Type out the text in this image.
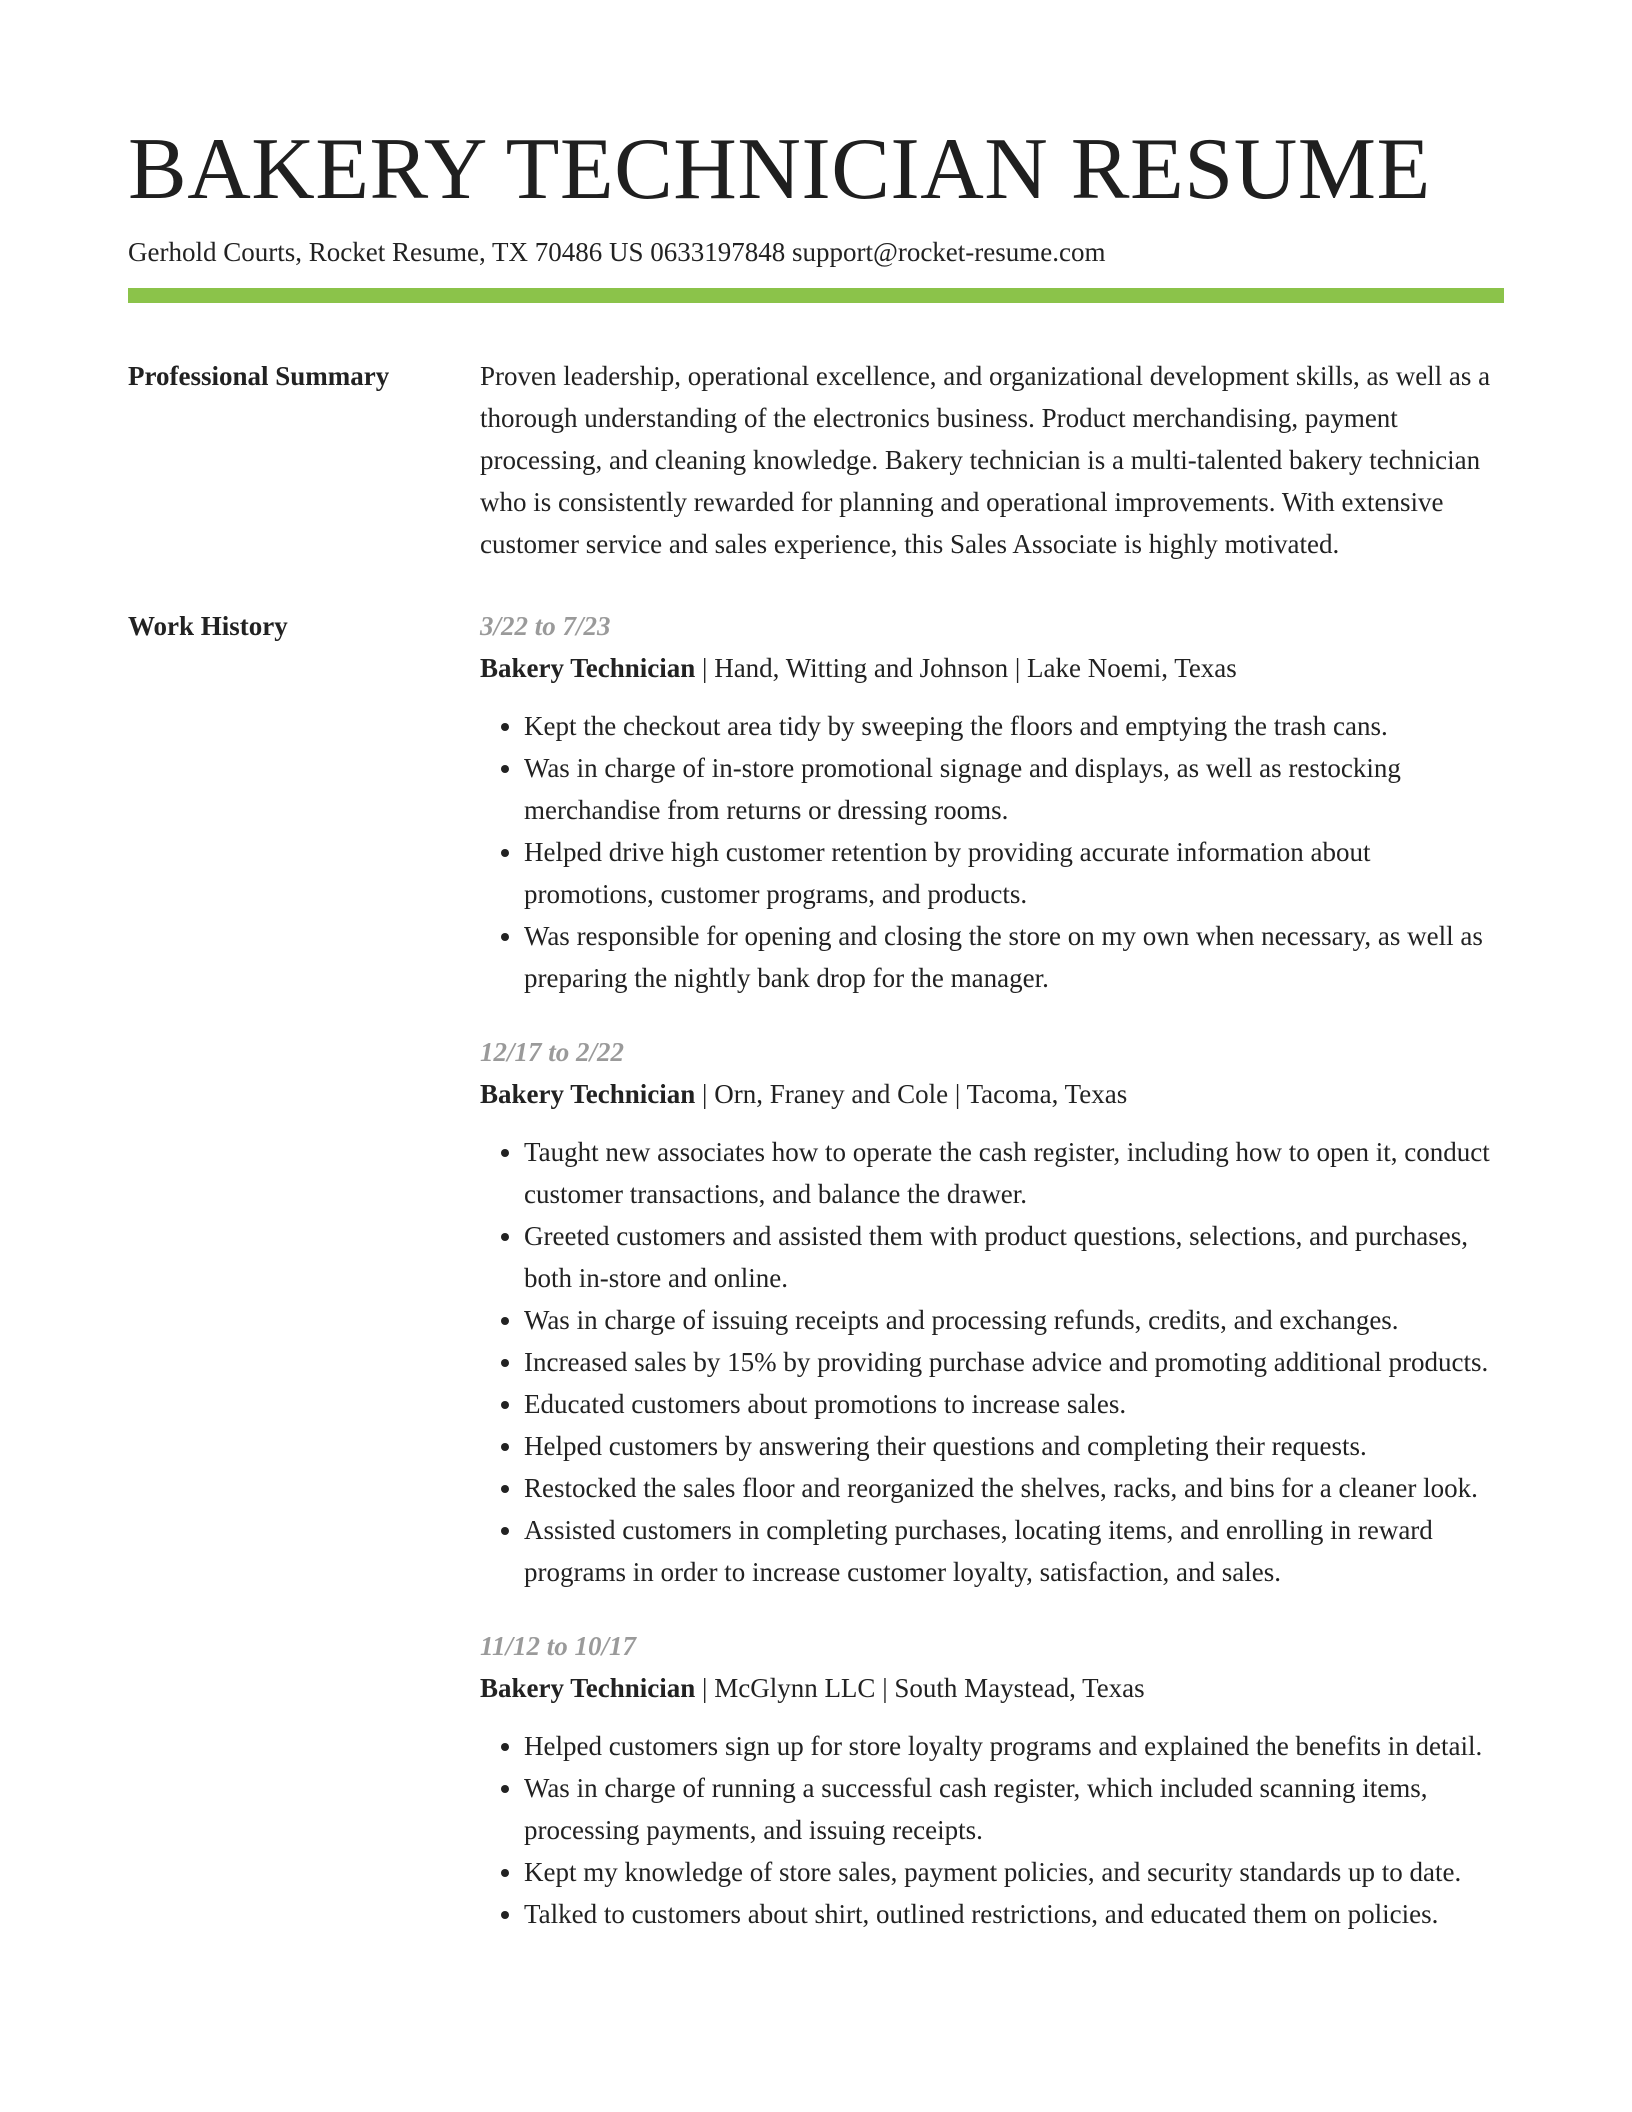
BAKERY TECHNICIAN RESUME
Gerhold Courts, Rocket Resume, TX 70486 US 0633197848 support@rocket-resume.com
Professional Summary	Proven leadership, operational excellence, and organizational development skills, as well as a thorough understanding of the electronics business. Product merchandising, payment processing, and cleaning knowledge. Bakery technician is a multi-talented bakery technician who is consistently rewarded for planning and operational improvements. With extensive customer service and sales experience, this Sales Associate is highly motivated.

Work History	3/22 to 7/23
Bakery Technician | Hand, Witting and Johnson | Lake Noemi, Texas
• Kept the checkout area tidy by sweeping the floors and emptying the trash cans.
• Was in charge of in-store promotional signage and displays, as well as restocking merchandise from returns or dressing rooms.
• Helped drive high customer retention by providing accurate information about promotions, customer programs, and products.
• Was responsible for opening and closing the store on my own when necessary, as well as preparing the nightly bank drop for the manager.
12/17 to 2/22
Bakery Technician | Orn, Franey and Cole | Tacoma, Texas
• Taught new associates how to operate the cash register, including how to open it, conduct customer transactions, and balance the drawer.
• Greeted customers and assisted them with product questions, selections, and purchases, both in-store and online.
• Was in charge of issuing receipts and processing refunds, credits, and exchanges.
• Increased sales by 15% by providing purchase advice and promoting additional products.
• Educated customers about promotions to increase sales.
• Helped customers by answering their questions and completing their requests.
• Restocked the sales floor and reorganized the shelves, racks, and bins for a cleaner look.
• Assisted customers in completing purchases, locating items, and enrolling in reward programs in order to increase customer loyalty, satisfaction, and sales.
11/12 to 10/17
Bakery Technician | McGlynn LLC | South Maystead, Texas
• Helped customers sign up for store loyalty programs and explained the benefits in detail.
• Was in charge of running a successful cash register, which included scanning items, processing payments, and issuing receipts.
• Kept my knowledge of store sales, payment policies, and security standards up to date.
• Talked to customers about shirt, outlined restrictions, and educated them on policies.
